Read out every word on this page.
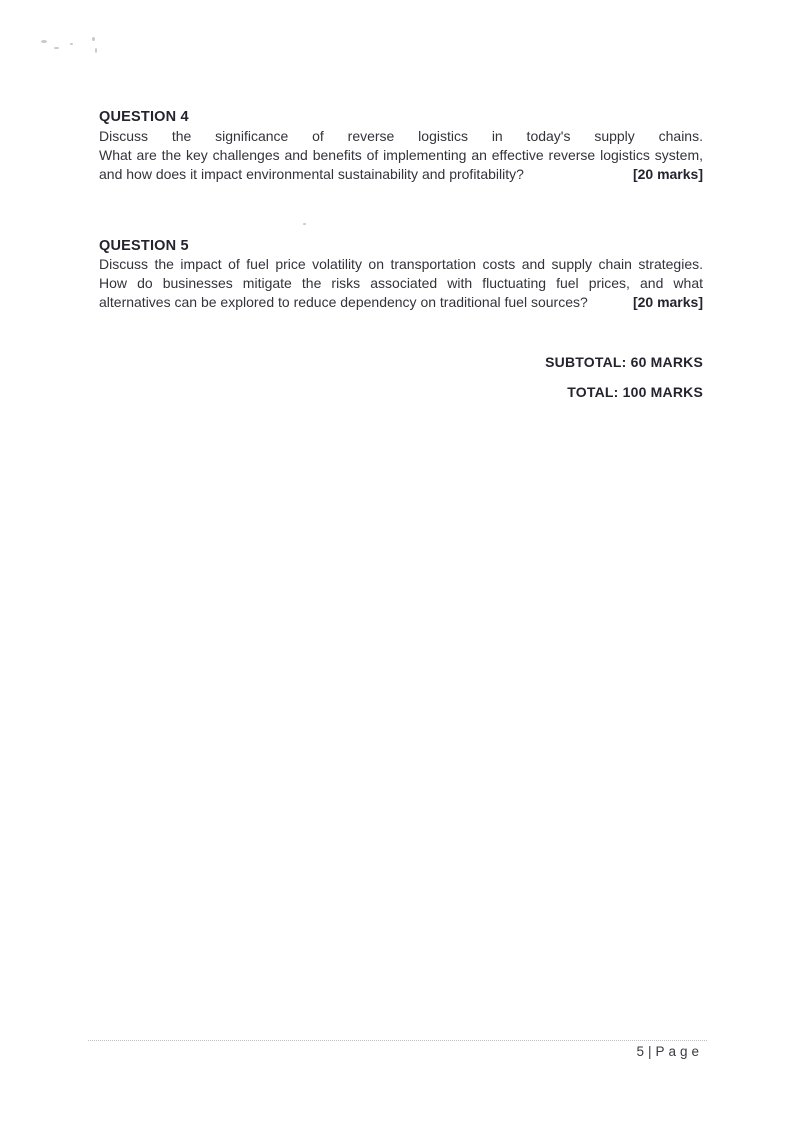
QUESTION 4
Discuss the significance of reverse logistics in today's supply chains.
What are the key challenges and benefits of implementing an effective reverse logistics system,
and how does it impact environmental sustainability and profitability?	[20 marks]
QUESTION 5
Discuss the impact of fuel price volatility on transportation costs and supply chain strategies.
How do businesses mitigate the risks associated with fluctuating fuel prices, and what
alternatives can be explored to reduce dependency on traditional fuel sources?	[20 marks]
SUBTOTAL: 60 MARKS
TOTAL: 100 MARKS
5|Page
